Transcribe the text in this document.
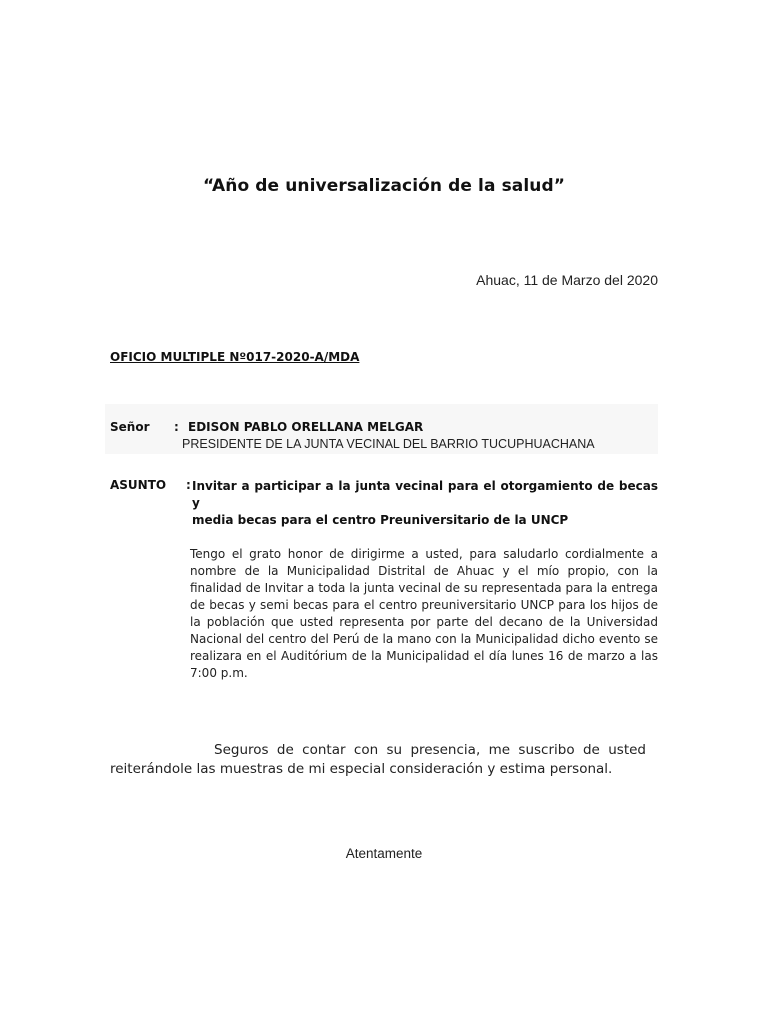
“Año de universalización de la salud”
Ahuac, 11 de Marzo del 2020
OFICIO MULTIPLE Nº017-2020-A/MDA
Señor : EDISON PABLO ORELLANA MELGAR
PRESIDENTE DE LA JUNTA VECINAL DEL BARRIO TUCUPHUACHANA
ASUNTO : Invitar a participar a la junta vecinal para el otorgamiento de becas y
media becas para el centro Preuniversitario de la UNCP
Tengo el grato honor de dirigirme a usted, para saludarlo cordialmente a nombre de la Municipalidad Distrital de Ahuac y el mío propio, con la finalidad de Invitar a toda la junta vecinal de su representada para la entrega de becas y semi becas para el centro preuniversitario UNCP para los hijos de la población que usted representa por parte del decano de la Universidad Nacional del centro del Perú de la mano con la Municipalidad dicho evento se realizara en el Auditórium de la Municipalidad el día lunes 16 de marzo a las 7:00 p.m.
Seguros de contar con su presencia, me suscribo de usted reiterándole las muestras de mi especial consideración y estima personal.
Atentamente
